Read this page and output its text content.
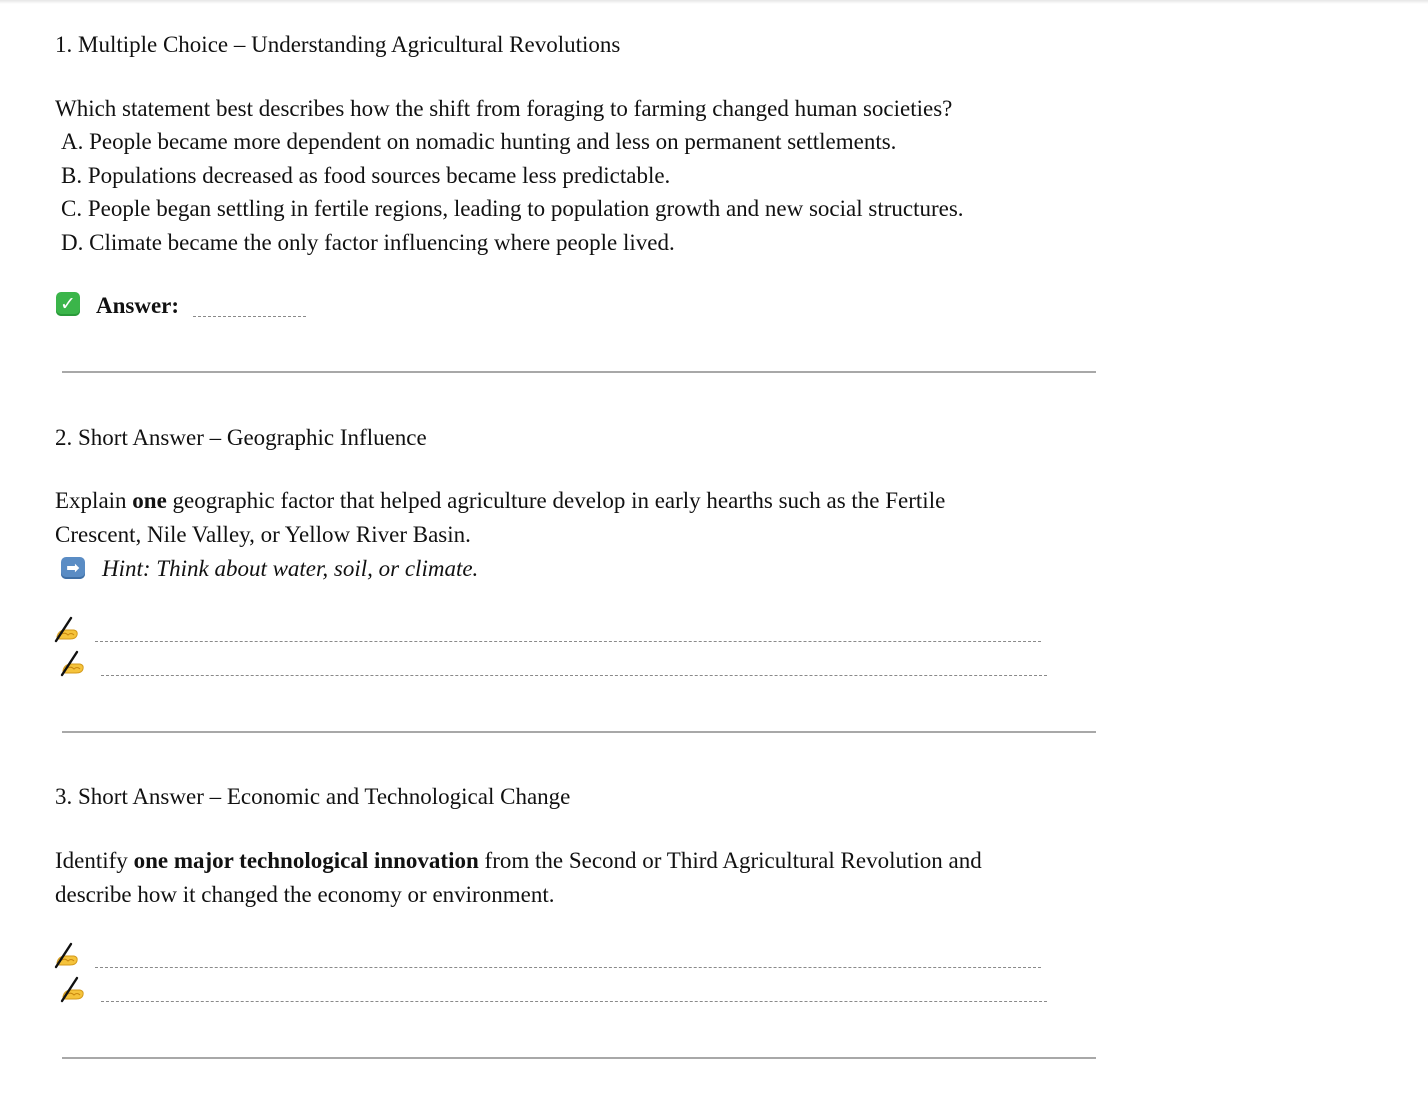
1. Multiple Choice – Understanding Agricultural Revolutions
Which statement best describes how the shift from foraging to farming changed human societies?
A. People became more dependent on nomadic hunting and less on permanent settlements.
B. Populations decreased as food sources became less predictable.
C. People began settling in fertile regions, leading to population growth and new social structures.
D. Climate became the only factor influencing where people lived.
✓ Answer:
2. Short Answer – Geographic Influence
Explain one geographic factor that helped agriculture develop in early hearths such as the Fertile
Crescent, Nile Valley, or Yellow River Basin.
➡ Hint: Think about water, soil, or climate.
3. Short Answer – Economic and Technological Change
Identify one major technological innovation from the Second or Third Agricultural Revolution and
describe how it changed the economy or environment.
